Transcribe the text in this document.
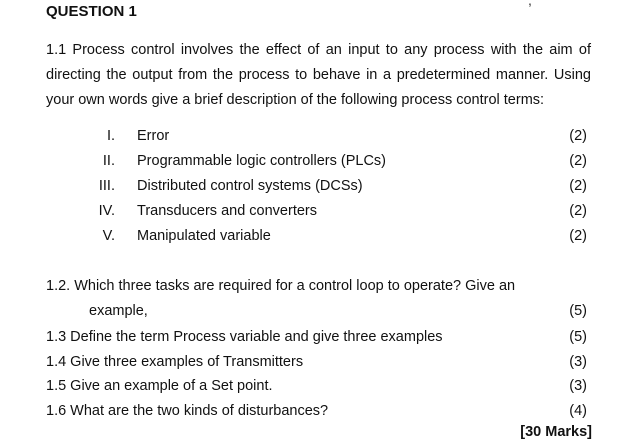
,
QUESTION 1
1.1 Process control involves the effect of an input to any process with the aim of directing the output from the process to behave in a predetermined manner. Using your own words give a brief description of the following process control terms:
I. Error	(2)
II. Programmable logic controllers (PLCs)	(2)
III. Distributed control systems (DCSs)	(2)
IV. Transducers and converters	(2)
V. Manipulated variable	(2)
1.2. Which three tasks are required for a control loop to operate? Give an
example,	(5)
1.3 Define the term Process variable and give three examples	(5)
1.4 Give three examples of Transmitters	(3)
1.5 Give an example of a Set point.	(3)
1.6 What are the two kinds of disturbances?	(4)
[30 Marks]
